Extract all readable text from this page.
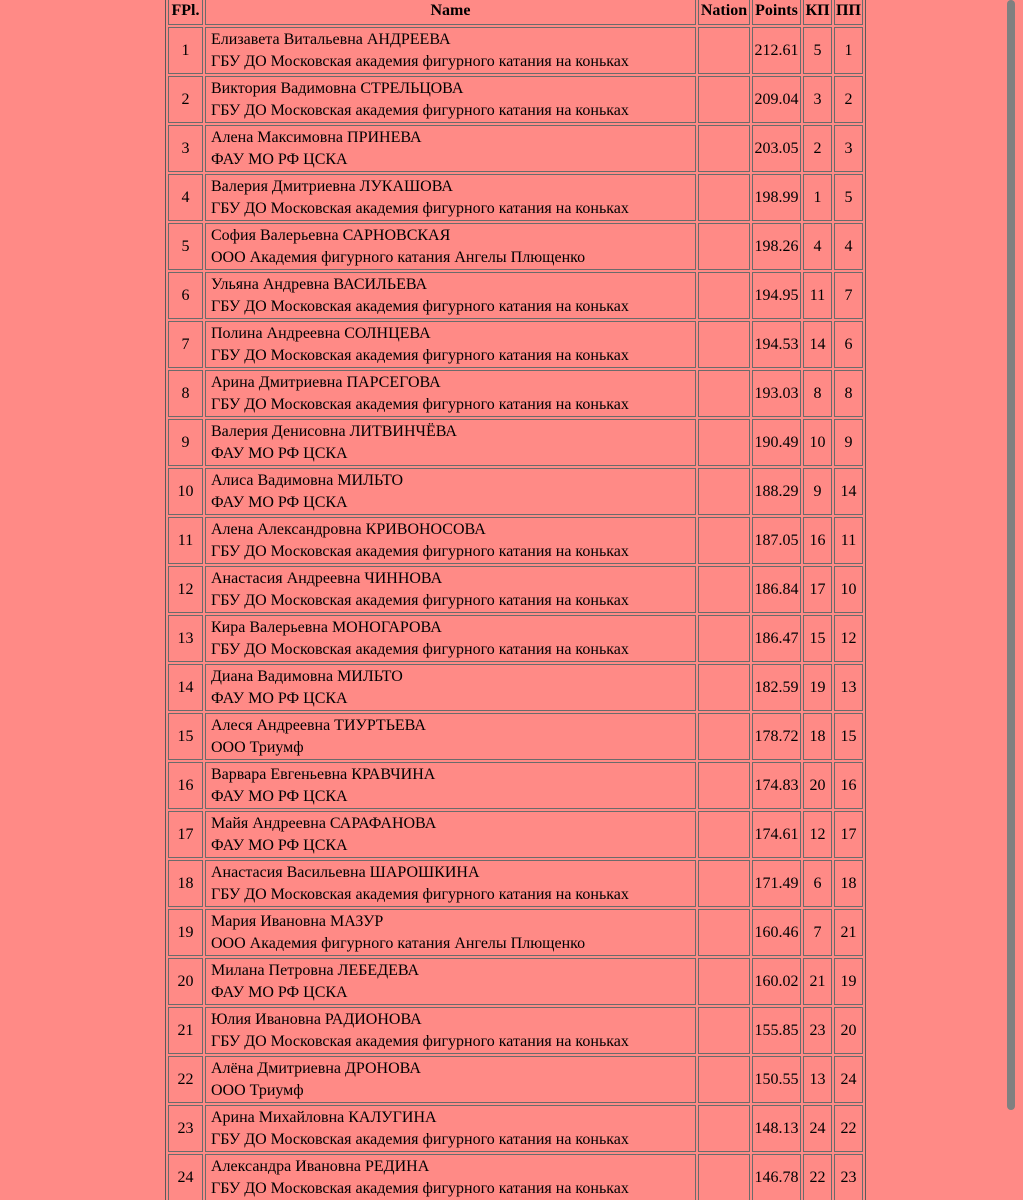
FPl.	Name	Nation	Points	КП	ПП
1	Елизавета Витальевна АНДРЕЕВА
ГБУ ДО Московская академия фигурного катания на коньках		212.61	5	1
2	Виктория Вадимовна СТРЕЛЬЦОВА
ГБУ ДО Московская академия фигурного катания на коньках		209.04	3	2
3	Алена Максимовна ПРИНЕВА
ФАУ МО РФ ЦСКА		203.05	2	3
4	Валерия Дмитриевна ЛУКАШОВА
ГБУ ДО Московская академия фигурного катания на коньках		198.99	1	5
5	София Валерьевна САРНОВСКАЯ
ООО Академия фигурного катания Ангелы Плющенко		198.26	4	4
6	Ульяна Андревна ВАСИЛЬЕВА
ГБУ ДО Московская академия фигурного катания на коньках		194.95	11	7
7	Полина Андреевна СОЛНЦЕВА
ГБУ ДО Московская академия фигурного катания на коньках		194.53	14	6
8	Арина Дмитриевна ПАРСЕГОВА
ГБУ ДО Московская академия фигурного катания на коньках		193.03	8	8
9	Валерия Денисовна ЛИТВИНЧЁВА
ФАУ МО РФ ЦСКА		190.49	10	9
10	Алиса Вадимовна МИЛЬТО
ФАУ МО РФ ЦСКА		188.29	9	14
11	Алена Александровна КРИВОНОСОВА
ГБУ ДО Московская академия фигурного катания на коньках		187.05	16	11
12	Анастасия Андреевна ЧИННОВА
ГБУ ДО Московская академия фигурного катания на коньках		186.84	17	10
13	Кира Валерьевна МОНОГАРОВА
ГБУ ДО Московская академия фигурного катания на коньках		186.47	15	12
14	Диана Вадимовна МИЛЬТО
ФАУ МО РФ ЦСКА		182.59	19	13
15	Алеся Андреевна ТИУРТЬЕВА
ООО Триумф		178.72	18	15
16	Варвара Евгеньевна КРАВЧИНА
ФАУ МО РФ ЦСКА		174.83	20	16
17	Майя Андреевна САРАФАНОВА
ФАУ МО РФ ЦСКА		174.61	12	17
18	Анастасия Васильевна ШАРОШКИНА
ГБУ ДО Московская академия фигурного катания на коньках		171.49	6	18
19	Мария Ивановна МАЗУР
ООО Академия фигурного катания Ангелы Плющенко		160.46	7	21
20	Милана Петровна ЛЕБЕДЕВА
ФАУ МО РФ ЦСКА		160.02	21	19
21	Юлия Ивановна РАДИОНОВА
ГБУ ДО Московская академия фигурного катания на коньках		155.85	23	20
22	Алёна Дмитриевна ДРОНОВА
ООО Триумф		150.55	13	24
23	Арина Михайловна КАЛУГИНА
ГБУ ДО Московская академия фигурного катания на коньках		148.13	24	22
24	Александра Ивановна РЕДИНА
ГБУ ДО Московская академия фигурного катания на коньках		146.78	22	23
